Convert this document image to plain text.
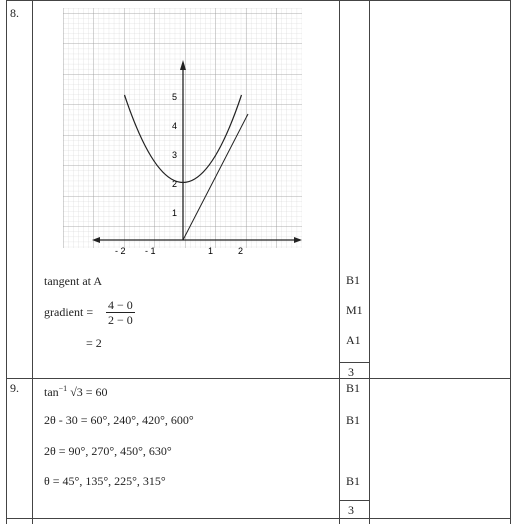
8.
5
4
3
2
1
- 2 - 1	1	2
tangent at A
gradient = $\frac{4 - 0}{2 - 0}$
= 2
B1
M1
A1
3
9. $\tan^{-1} √3 = 60$
2θ - 30 = 60°, 240°, 420°, 600°
2θ = 90°, 270°, 450°, 630°
θ = 45°, 135°, 225°, 315°
B1
B1
B1
3
